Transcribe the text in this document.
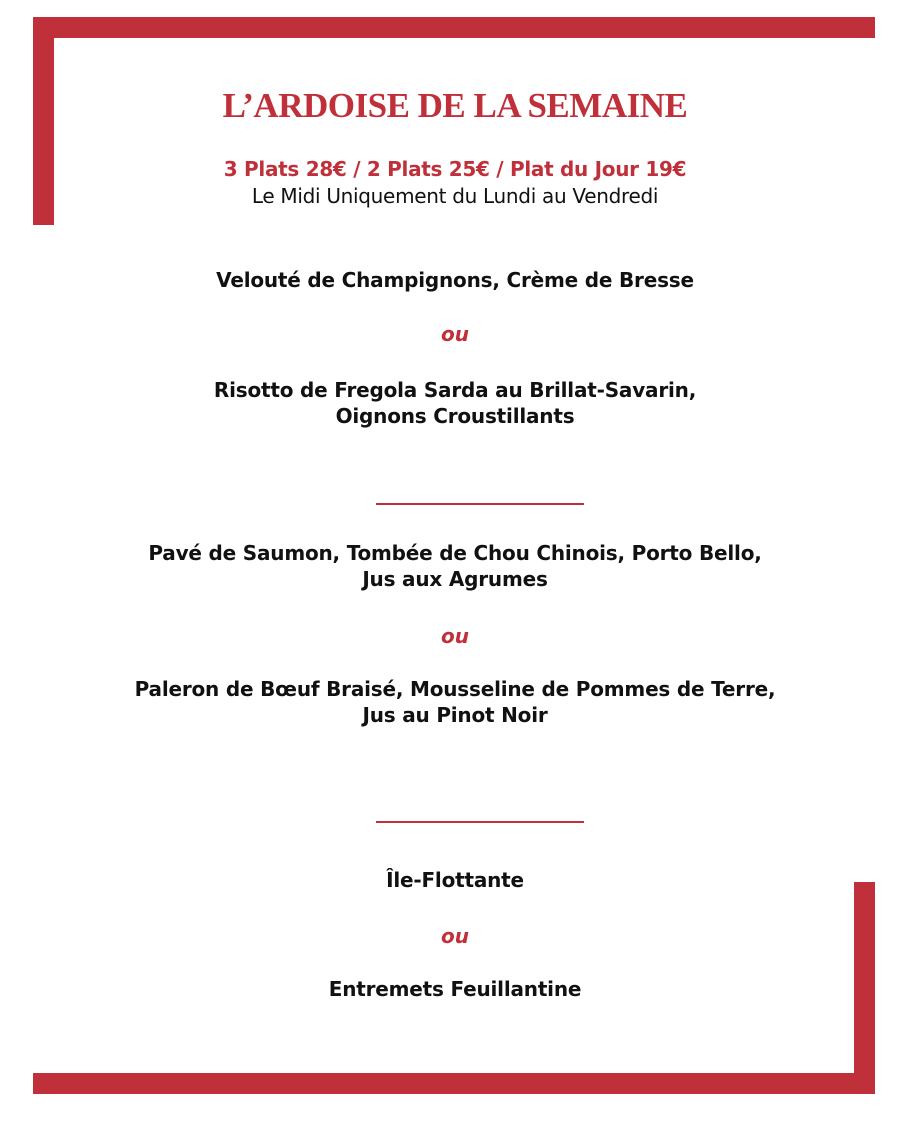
L’ARDOISE DE LA SEMAINE
3 Plats 28€ / 2 Plats 25€ / Plat du Jour 19€
Le Midi Uniquement du Lundi au Vendredi
Velouté de Champignons, Crème de Bresse
ou
Risotto de Fregola Sarda au Brillat-Savarin,
Oignons Croustillants
Pavé de Saumon, Tombée de Chou Chinois, Porto Bello,
Jus aux Agrumes
ou
Paleron de Bœuf Braisé, Mousseline de Pommes de Terre,
Jus au Pinot Noir
Île-Flottante
ou
Entremets Feuillantine
